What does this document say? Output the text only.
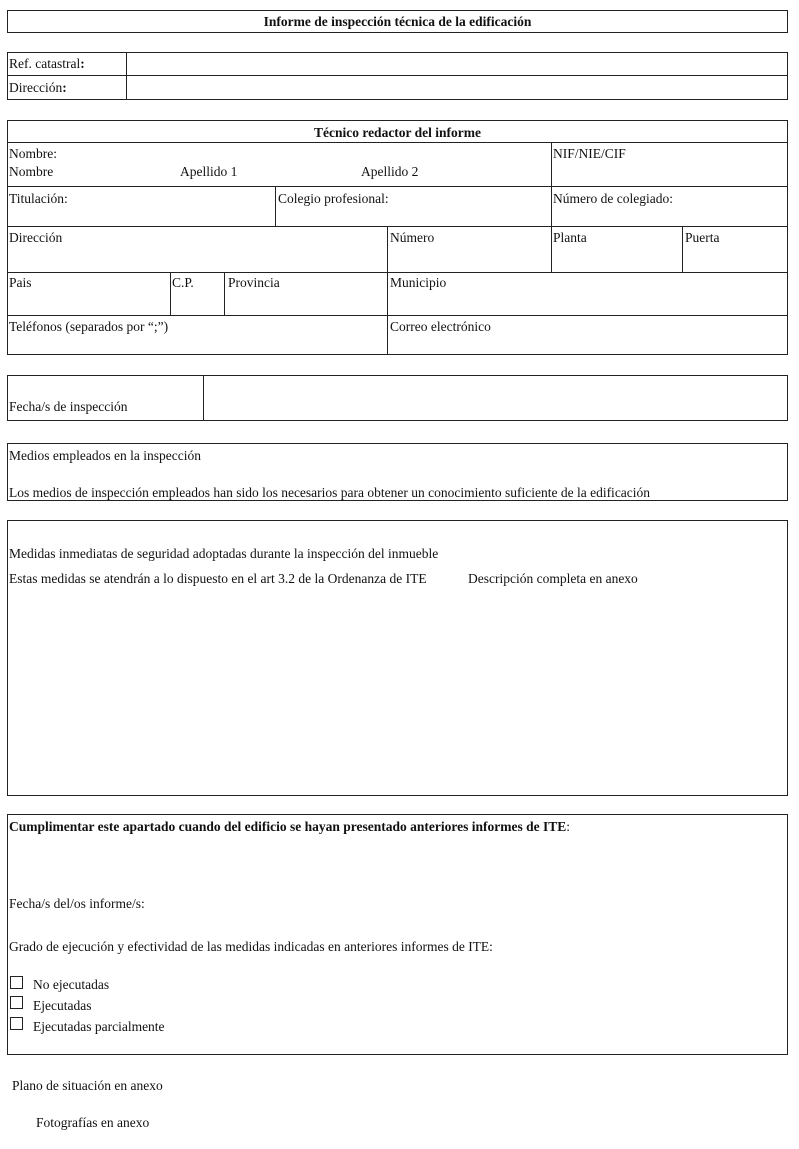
Informe de inspección técnica de la edificación
Ref. catastral:
Dirección:
Técnico redactor del informe
Nombre:
Nombre	Apellido 1	Apellido 2
NIF/NIE/CIF
Titulación:	Colegio profesional:	Número de colegiado:
Dirección	Número	Planta	Puerta
Pais	C.P.	Provincia	Municipio
Teléfonos (separados por “;”)	Correo electrónico
Fecha/s de inspección
Medios empleados en la inspección
Los medios de inspección empleados han sido los necesarios para obtener un conocimiento suficiente de la edificación
Medidas inmediatas de seguridad adoptadas durante la inspección del inmueble
Estas medidas se atendrán a lo dispuesto en el art 3.2 de la Ordenanza de ITE	Descripción completa en anexo
Cumplimentar este apartado cuando del edificio se hayan presentado anteriores informes de ITE:
Fecha/s del/os informe/s:
Grado de ejecución y efectividad de las medidas indicadas en anteriores informes de ITE:
No ejecutadas
Ejecutadas
Ejecutadas parcialmente
Plano de situación en anexo
Fotografías en anexo
